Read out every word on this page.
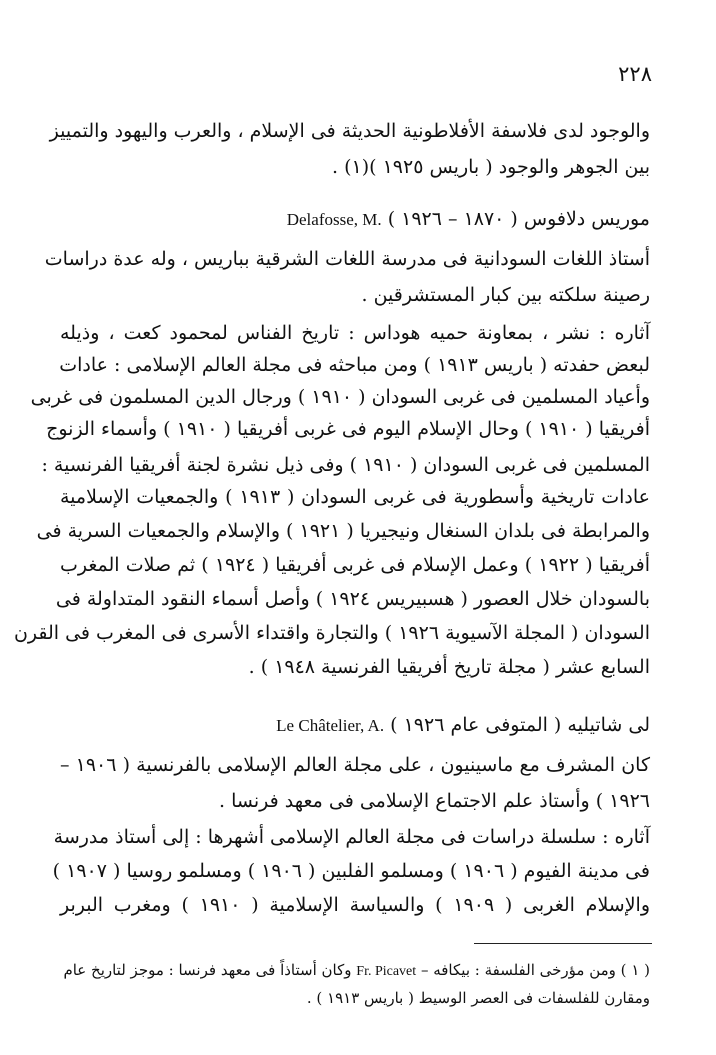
٢٢٨
والوجود لدى فلاسفة الأفلاطونية الحديثة فى الإسلام ، والعرب واليهود والتمييز
بين الجوهر والوجود ( باريس ١٩٢٥ )(١) .
موريس دلافوس ( ١٨٧٠ – ١٩٢٦ ) Delafosse, M.
أستاذ اللغات السودانية فى مدرسة اللغات الشرقية بباريس ، وله عدة دراسات
رصينة سلكته بين كبار المستشرقين .
آثاره : نشر ، بمعاونة حميه هوداس : تاريخ الفناس لمحمود كعت ، وذيله
لبعض حفدته ( باريس ١٩١٣ ) ومن مباحثه فى مجلة العالم الإسلامى : عادات
وأعياد المسلمين فى غربى السودان ( ١٩١٠ ) ورجال الدين المسلمون فى غربى
أفريقيا ( ١٩١٠ ) وحال الإسلام اليوم فى غربى أفريقيا ( ١٩١٠ ) وأسماء الزنوج
المسلمين فى غربى السودان ( ١٩١٠ ) وفى ذيل نشرة لجنة أفريقيا الفرنسية :
عادات تاريخية وأسطورية فى غربى السودان ( ١٩١٣ ) والجمعيات الإسلامية
والمرابطة فى بلدان السنغال ونيجيريا ( ١٩٢١ ) والإسلام والجمعيات السرية فى
أفريقيا ( ١٩٢٢ ) وعمل الإسلام فى غربى أفريقيا ( ١٩٢٤ ) ثم صلات المغرب
بالسودان خلال العصور ( هسبيريس ١٩٢٤ ) وأصل أسماء النقود المتداولة فى
السودان ( المجلة الآسيوية ١٩٢٦ ) والتجارة واقتداء الأسرى فى المغرب فى القرن
السابع عشر ( مجلة تاريخ أفريقيا الفرنسية ١٩٤٨ ) .
لى شاتيليه ( المتوفى عام ١٩٢٦ ) Le Châtelier, A.
كان المشرف مع ماسينيون ، على مجلة العالم الإسلامى بالفرنسية ( ١٩٠٦ –
١٩٢٦ ) وأستاذ علم الاجتماع الإسلامى فى معهد فرنسا .
آثاره : سلسلة دراسات فى مجلة العالم الإسلامى أشهرها : إلى أستاذ مدرسة
فى مدينة الفيوم ( ١٩٠٦ ) ومسلمو الفلبين ( ١٩٠٦ ) ومسلمو روسيا ( ١٩٠٧ )
والإسلام الغربى ( ١٩٠٩ ) والسياسة الإسلامية ( ١٩١٠ ) ومغرب البربر
( ١ ) ومن مؤرخى الفلسفة : بيكافه – Fr. Picavet وكان أستاذاً فى معهد فرنسا : موجز لتاريخ عام
ومقارن للفلسفات فى العصر الوسيط ( باريس ١٩١٣ ) .
